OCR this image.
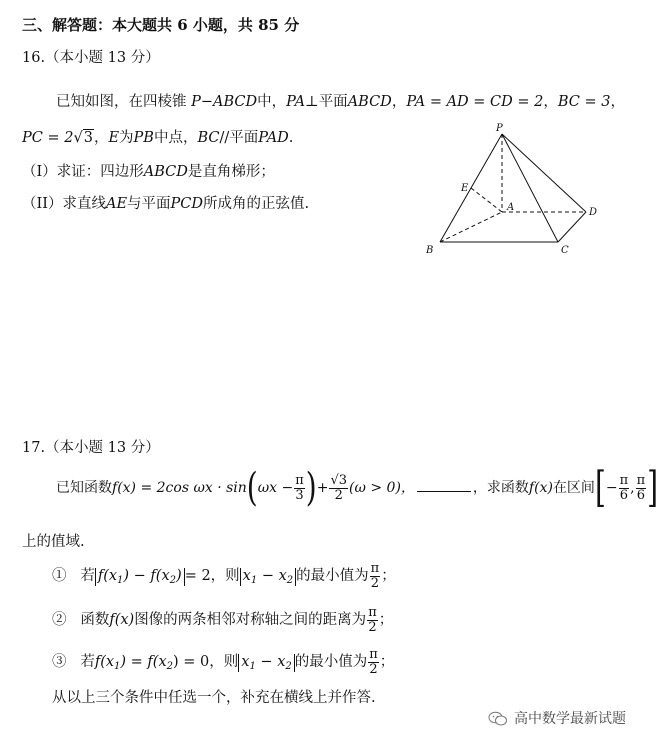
三、解答题：本大题共 6 小题，共 85 分
16.（本小题 13 分）
已知如图，在四棱锥 P−ABCD中，PA⊥平面ABCD，PA = AD = CD = 2，BC = 3，
PC = 2√3，E为PB中点，BC//平面PAD.
（I）求证：四边形ABCD是直角梯形；
（II）求直线AE与平面PCD所成角的正弦值.
P
E
A	D
B	C
17.（本小题 13 分）
已知函数f(x) = 2cos $\omega x \cdot \sin(\omega x - \frac{\pi}{3}$ )+ $\frac{√3}{2} (\omega > 0)$，	，求函数f(x)在区间[− $\frac{\pi}{6}$ , $\frac{\pi}{6}$ ]
上的值域.
① 若 $f(x_1) - f(x_2) = 2$，则 $x_1 - x_2$ 的最小值为 $\frac{\pi}{2}$ ；
② 函数f(x)图像的两条相邻对称轴之间的距离为 $\frac{\pi}{2}$ ；
③ 若$f(x_1) = f(x_2) = 0$，则 $x_1 - x_2$ 的最小值为 $\frac{\pi}{2}$ ；
从以上三个条件中任选一个，补充在横线上并作答.
高中数学最新试题
